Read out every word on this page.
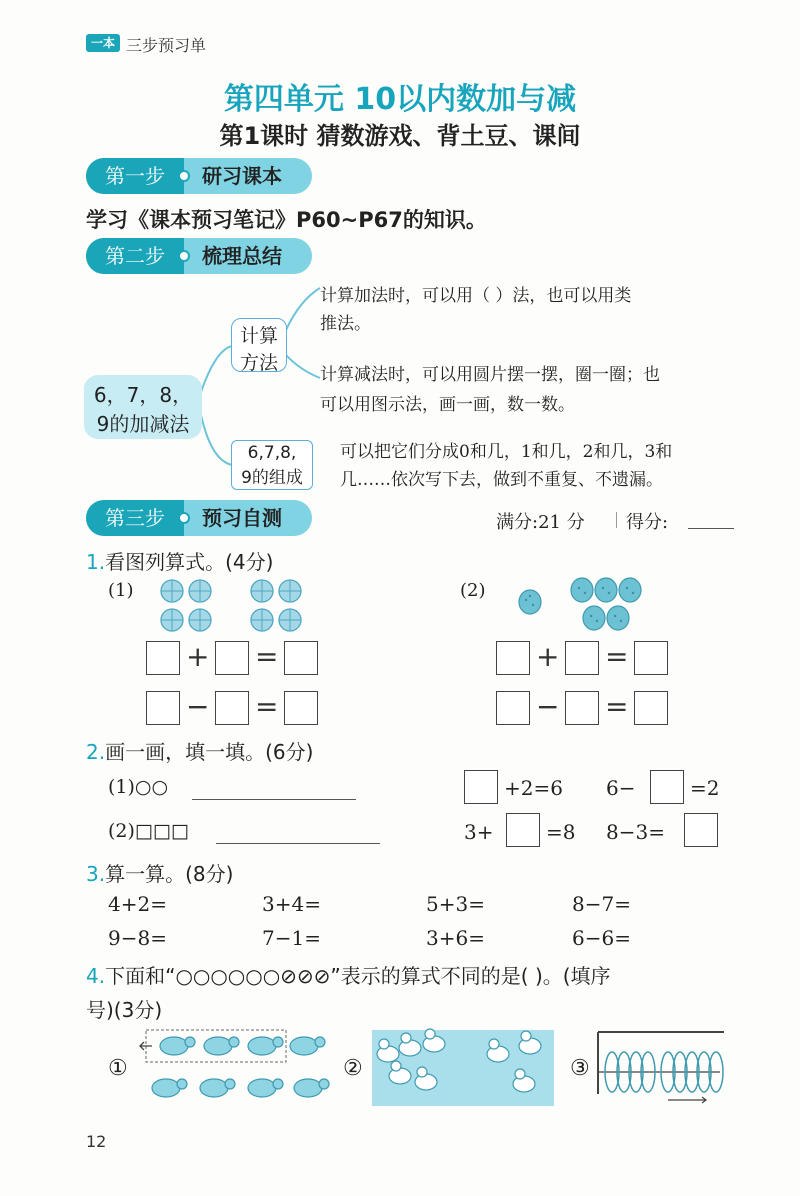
一本 三步预习单
第四单元 10以内数加与减
第1课时 猜数游戏、背土豆、课间
第一步	研习课本
学习《课本预习笔记》P60~P67的知识。
第二步	梳理总结
6，7，8，
9的加减法
计算
方法
6,7,8,
9的组成
计算加法时，可以用（ ）法，也可以用类
推法。
计算减法时，可以用圆片摆一摆，圈一圈；也
可以用图示法，画一画，数一数。
可以把它们分成0和几，1和几，2和几，3和
几……依次写下去，做到不重复、不遗漏。
第三步	预习自测	满分:21 分 得分:
1.看图列算式。(4分)
(1)	(2)
+ =
− =
+ =
− =
2.画一画，填一填。(6分)
(1)○○
(2)□□□
+2=6 6−	=2
3+	=8 8−3=
3.算一算。(8分)
4+2=	3+4=	5+3=	8−7=
9−8=	7−1=	3+6=	6−6=
4.下面和“○○○○○○⊘⊘⊘”表示的算式不同的是( )。(填序
号)(3分)
①	②	③
12
